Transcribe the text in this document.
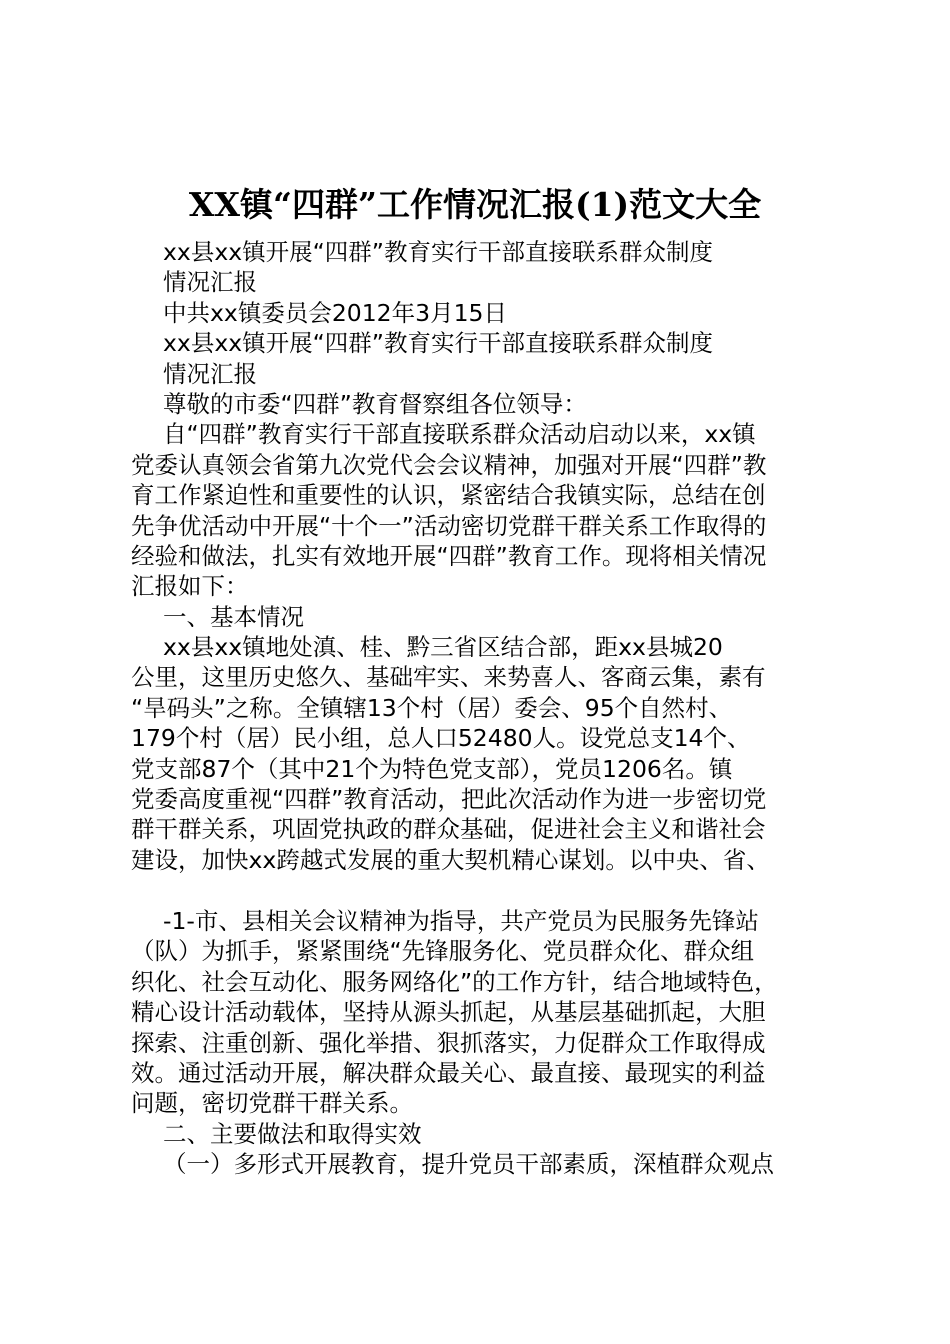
XX镇“四群”工作情况汇报(1)范文大全
xx县xx镇开展“四群”教育实行干部直接联系群众制度
情况汇报
中共xx镇委员会2012年3月15日
xx县xx镇开展“四群”教育实行干部直接联系群众制度
情况汇报
尊敬的市委“四群”教育督察组各位领导：
自“四群”教育实行干部直接联系群众活动启动以来，xx镇
党委认真领会省第九次党代会会议精神，加强对开展“四群”教
育工作紧迫性和重要性的认识，紧密结合我镇实际，总结在创
先争优活动中开展“十个一”活动密切党群干群关系工作取得的
经验和做法，扎实有效地开展“四群”教育工作。现将相关情况
汇报如下：
一、基本情况
xx县xx镇地处滇、桂、黔三省区结合部，距xx县城20
公里，这里历史悠久、基础牢实、来势喜人、客商云集，素有
“旱码头”之称。全镇辖13个村（居）委会、95个自然村、
179个村（居）民小组，总人口52480人。设党总支14个、
党支部87个（其中21个为特色党支部），党员1206名。镇
党委高度重视“四群”教育活动，把此次活动作为进一步密切党
群干群关系，巩固党执政的群众基础，促进社会主义和谐社会
建设，加快xx跨越式发展的重大契机精心谋划。以中央、省、
-1-市、县相关会议精神为指导，共产党员为民服务先锋站
（队）为抓手，紧紧围绕“先锋服务化、党员群众化、群众组
织化、社会互动化、服务网络化”的工作方针，结合地域特色，
精心设计活动载体，坚持从源头抓起，从基层基础抓起，大胆
探索、注重创新、强化举措、狠抓落实，力促群众工作取得成
效。通过活动开展，解决群众最关心、最直接、最现实的利益
问题，密切党群干群关系。
二、主要做法和取得实效
（一）多形式开展教育，提升党员干部素质，深植群众观点
